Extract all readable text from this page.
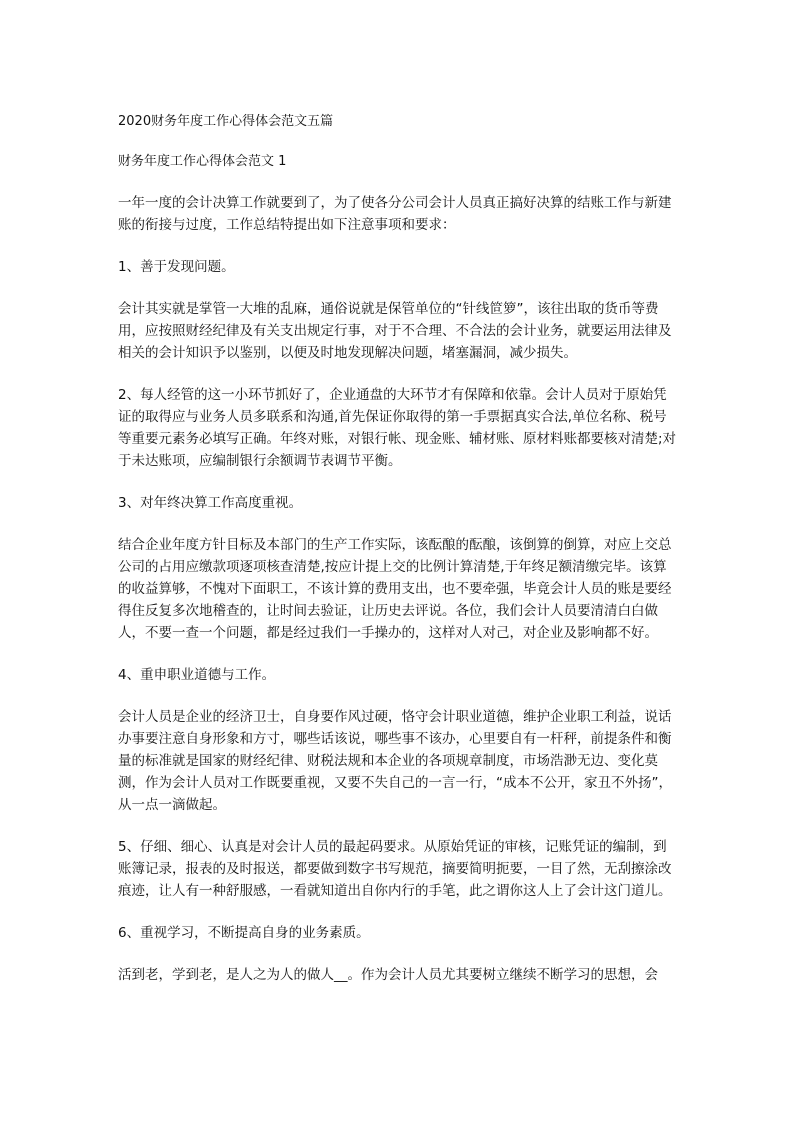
2020财务年度工作心得体会范文五篇
财务年度工作心得体会范文 1

一年一度的会计决算工作就要到了，为了使各分公司会计人员真正搞好决算的结账工作与新建账的衔接与过度，工作总结特提出如下注意事项和要求：

1、善于发现问题。

会计其实就是掌管一大堆的乱麻，通俗说就是保管单位的“针线笸箩”，该往出取的货币等费用，应按照财经纪律及有关支出规定行事，对于不合理、不合法的会计业务，就要运用法律及相关的会计知识予以鉴别，以便及时地发现解决问题，堵塞漏洞，减少损失。

2、每人经管的这一小环节抓好了，企业通盘的大环节才有保障和依靠。会计人员对于原始凭证的取得应与业务人员多联系和沟通,首先保证你取得的第一手票据真实合法,单位名称、税号等重要元素务必填写正确。年终对账，对银行帐、现金账、辅材账、原材料账都要核对清楚;对于未达账项，应编制银行余额调节表调节平衡。

3、对年终决算工作高度重视。

结合企业年度方针目标及本部门的生产工作实际，该酝酿的酝酿，该倒算的倒算，对应上交总公司的占用应缴款项逐项核查清楚,按应计提上交的比例计算清楚,于年终足额清缴完毕。该算的收益算够，不愧对下面职工，不该计算的费用支出，也不要牵强，毕竟会计人员的账是要经得住反复多次地稽查的，让时间去验证，让历史去评说。各位，我们会计人员要清清白白做人，不要一查一个问题，都是经过我们一手操办的，这样对人对己，对企业及影响都不好。

4、重申职业道德与工作。

会计人员是企业的经济卫士，自身要作风过硬，恪守会计职业道德，维护企业职工利益，说话办事要注意自身形象和方寸，哪些话该说，哪些事不该办，心里要自有一杆秤，前提条件和衡量的标准就是国家的财经纪律、财税法规和本企业的各项规章制度，市场浩渺无边、变化莫测，作为会计人员对工作既要重视，又要不失自己的一言一行，“成本不公开，家丑不外扬”，从一点一滴做起。

5、仔细、细心、认真是对会计人员的最起码要求。从原始凭证的审核，记账凭证的编制，到账簿记录，报表的及时报送，都要做到数字书写规范，摘要简明扼要，一目了然，无刮擦涂改痕迹，让人有一种舒服感，一看就知道出自你内行的手笔，此之谓你这人上了会计这门道儿。

6、重视学习，不断提高自身的业务素质。

活到老，学到老，是人之为人的做人__。作为会计人员尤其要树立继续不断学习的思想，会
